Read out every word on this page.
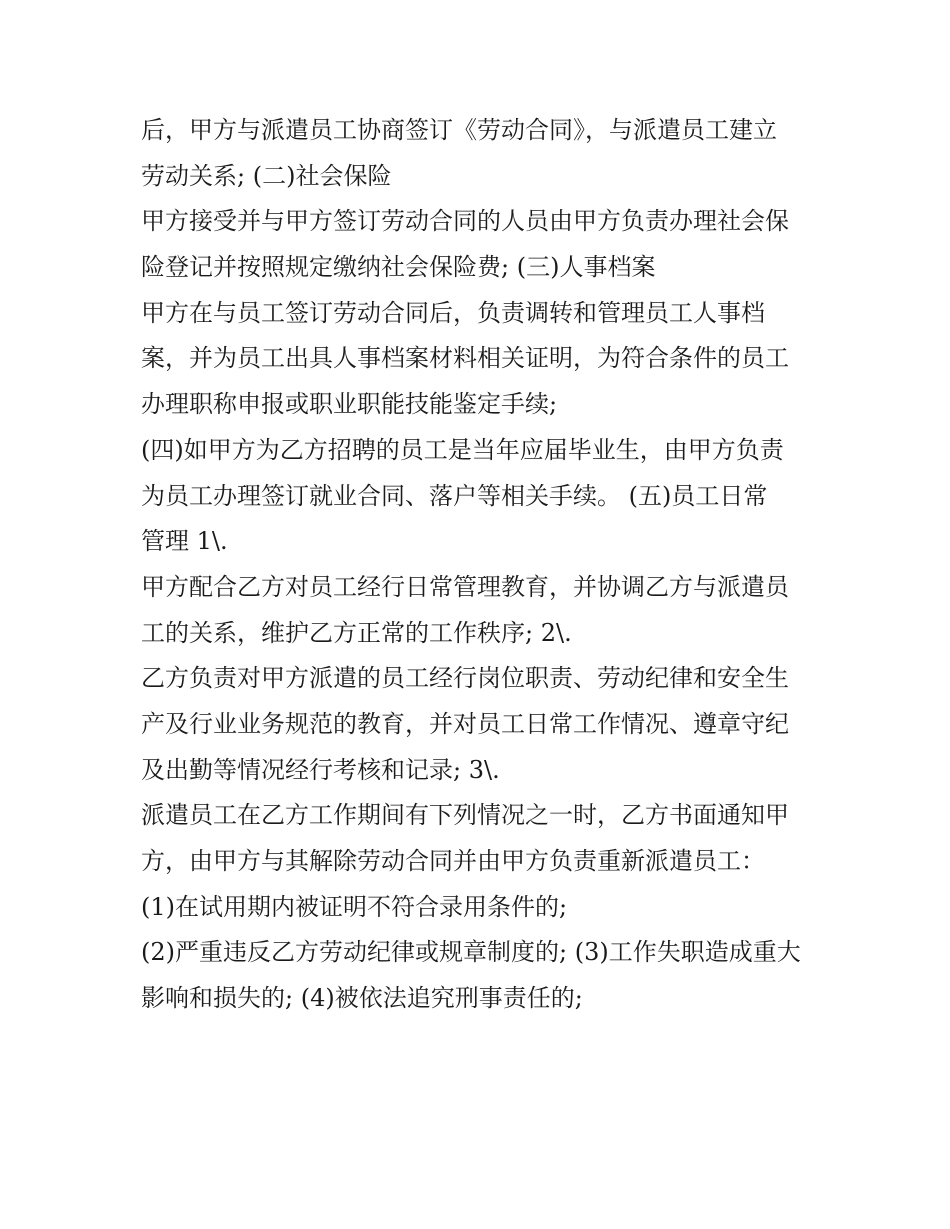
后，甲方与派遣员工协商签订《劳动合同》，与派遣员工建立
劳动关系; (二)社会保险
甲方接受并与甲方签订劳动合同的人员由甲方负责办理社会保
险登记并按照规定缴纳社会保险费; (三)人事档案
甲方在与员工签订劳动合同后，负责调转和管理员工人事档
案，并为员工出具人事档案材料相关证明，为符合条件的员工
办理职称申报或职业职能技能鉴定手续;
(四)如甲方为乙方招聘的员工是当年应届毕业生，由甲方负责
为员工办理签订就业合同、落户等相关手续。 (五)员工日常
管理 1\.
甲方配合乙方对员工经行日常管理教育，并协调乙方与派遣员
工的关系，维护乙方正常的工作秩序; 2\.
乙方负责对甲方派遣的员工经行岗位职责、劳动纪律和安全生
产及行业业务规范的教育，并对员工日常工作情况、遵章守纪
及出勤等情况经行考核和记录; 3\.
派遣员工在乙方工作期间有下列情况之一时，乙方书面通知甲
方，由甲方与其解除劳动合同并由甲方负责重新派遣员工：
(1)在试用期内被证明不符合录用条件的;
(2)严重违反乙方劳动纪律或规章制度的; (3)工作失职造成重大
影响和损失的; (4)被依法追究刑事责任的;
